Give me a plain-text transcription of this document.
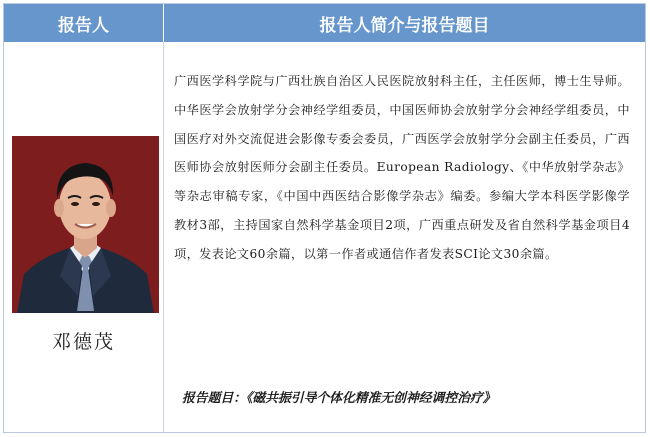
报告人	报告人简介与报告题目
邓德茂

广西医学科学院与广西壮族自治区人民医院放射科主任，主任医师，博士生导师。中华医学会放射学分会神经学组委员，中国医师协会放射学分会神经学组委员，中国医疗对外交流促进会影像专委会委员，广西医学会放射学分会副主任委员，广西医师协会放射医师分会副主任委员。European Radiology、《中华放射学杂志》等杂志审稿专家，《中国中西医结合影像学杂志》编委。参编大学本科医学影像学教材3部，主持国家自然科学基金项目2项，广西重点研发及省自然科学基金项目4项，发表论文60余篇，以第一作者或通信作者发表SCI论文30余篇。

报告题目：《磁共振引导个体化精准无创神经调控治疗》
